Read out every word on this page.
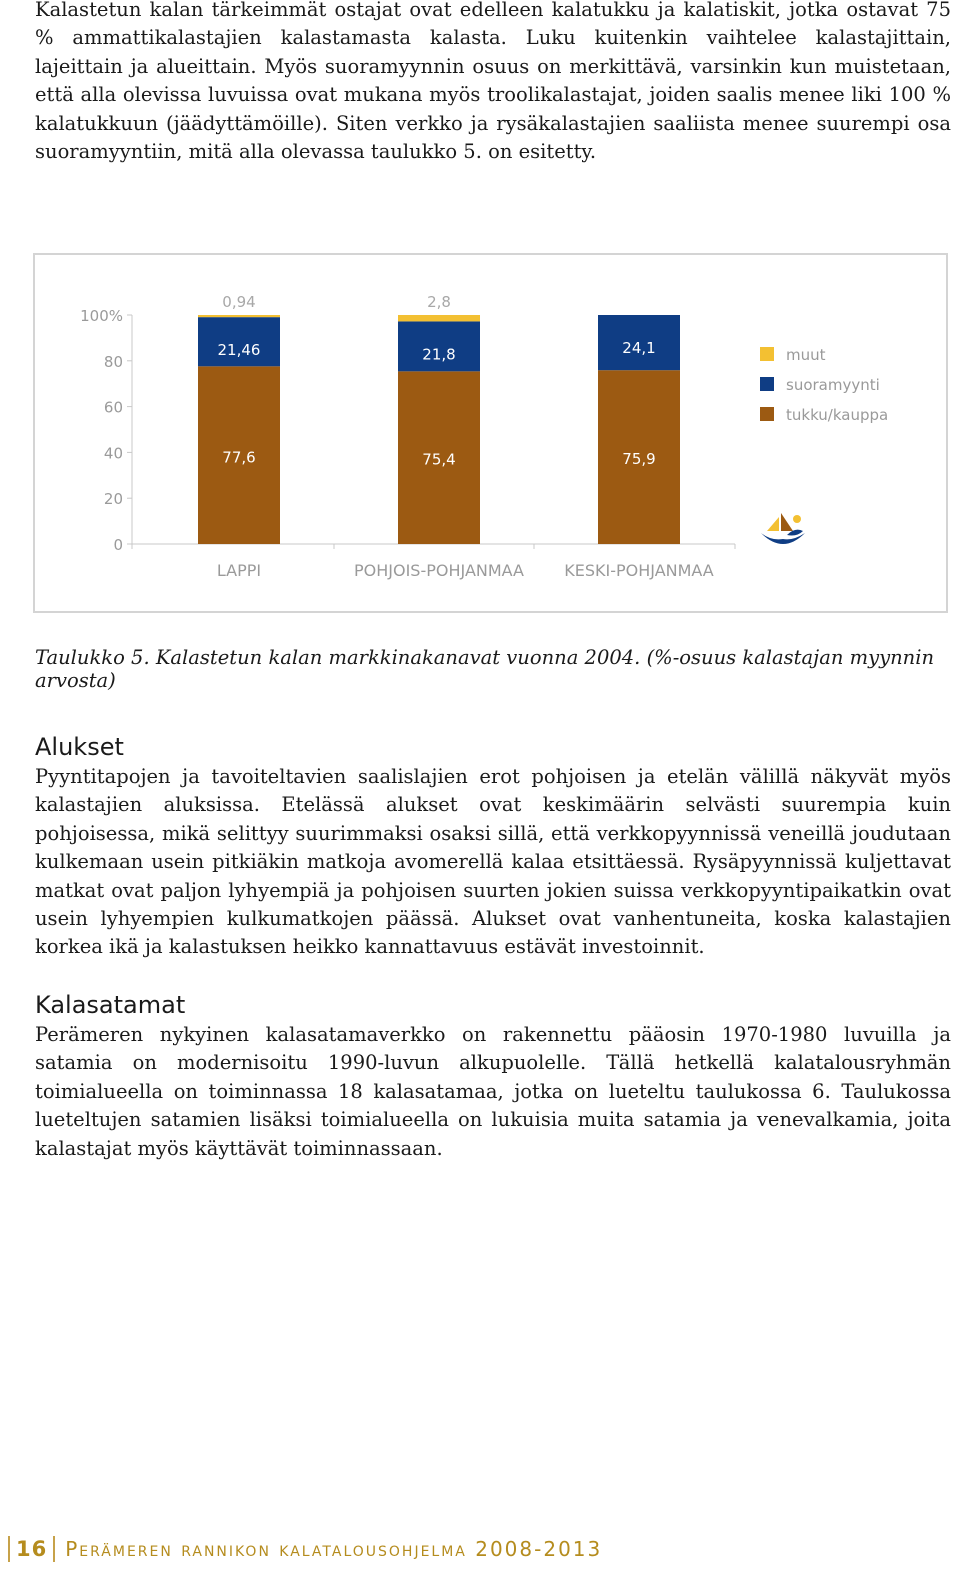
Kalastetun kalan tärkeimmät ostajat ovat edelleen kalatukku ja kalatiskit, jotka ostavat 75 % ammattikalastajien kalastamasta kalasta. Luku kuitenkin vaihtelee kalastajittain, lajeittain ja alueittain. Myös suoramyynnin osuus on merkittävä, varsinkin kun muistetaan, että alla olevissa luvuissa ovat mukana myös troolikalastajat, joiden saalis menee liki 100 % kalatukkuun (jäädyttämöille). Siten verkko ja rysäkalastajien saaliista menee suurempi osa suoramyyntiin, mitä alla olevassa taulukko 5. on esitetty.

0
20
40
60
80
100%
77,6
21,46
0,94
LAPPI
75,4
21,8
2,8
POHJOIS-POHJANMAA
75,9
24,1
KESKI-POHJANMAA
muut
suoramyynti
tukku/kauppa

Taulukko 5. Kalastetun kalan markkinakanavat vuonna 2004. (%-osuus kalastajan myynnin arvosta)

Alukset

Pyyntitapojen ja tavoiteltavien saalislajien erot pohjoisen ja etelän välillä näkyvät myös kalastajien aluksissa. Etelässä alukset ovat keskimäärin selvästi suurempia kuin pohjoisessa, mikä selittyy suurimmaksi osaksi sillä, että verkkopyynnissä veneillä joudutaan kulkemaan usein pitkiäkin matkoja avomerellä kalaa etsittäessä. Rysäpyynnissä kuljettavat matkat ovat paljon lyhyempiä ja pohjoisen suurten jokien suissa verkkopyyntipaikatkin ovat usein lyhyempien kulkumatkojen päässä. Alukset ovat vanhentuneita, koska kalastajien korkea ikä ja kalastuksen heikko kannattavuus estävät investoinnit.

Kalasatamat

Perämeren nykyinen kalasatamaverkko on rakennettu pääosin 1970-1980 luvuilla ja satamia on modernisoitu 1990-luvun alkupuolelle. Tällä hetkellä kalatalousryhmän toimialueella on toiminnassa 18 kalasatamaa, jotka on lueteltu taulukossa 6. Taulukossa lueteltujen satamien lisäksi toimialueella on lukuisia muita satamia ja venevalkamia, joita kalastajat myös käyttävät toiminnassaan.

16 Perämeren rannikon kalatalousohjelma 2008-2013
